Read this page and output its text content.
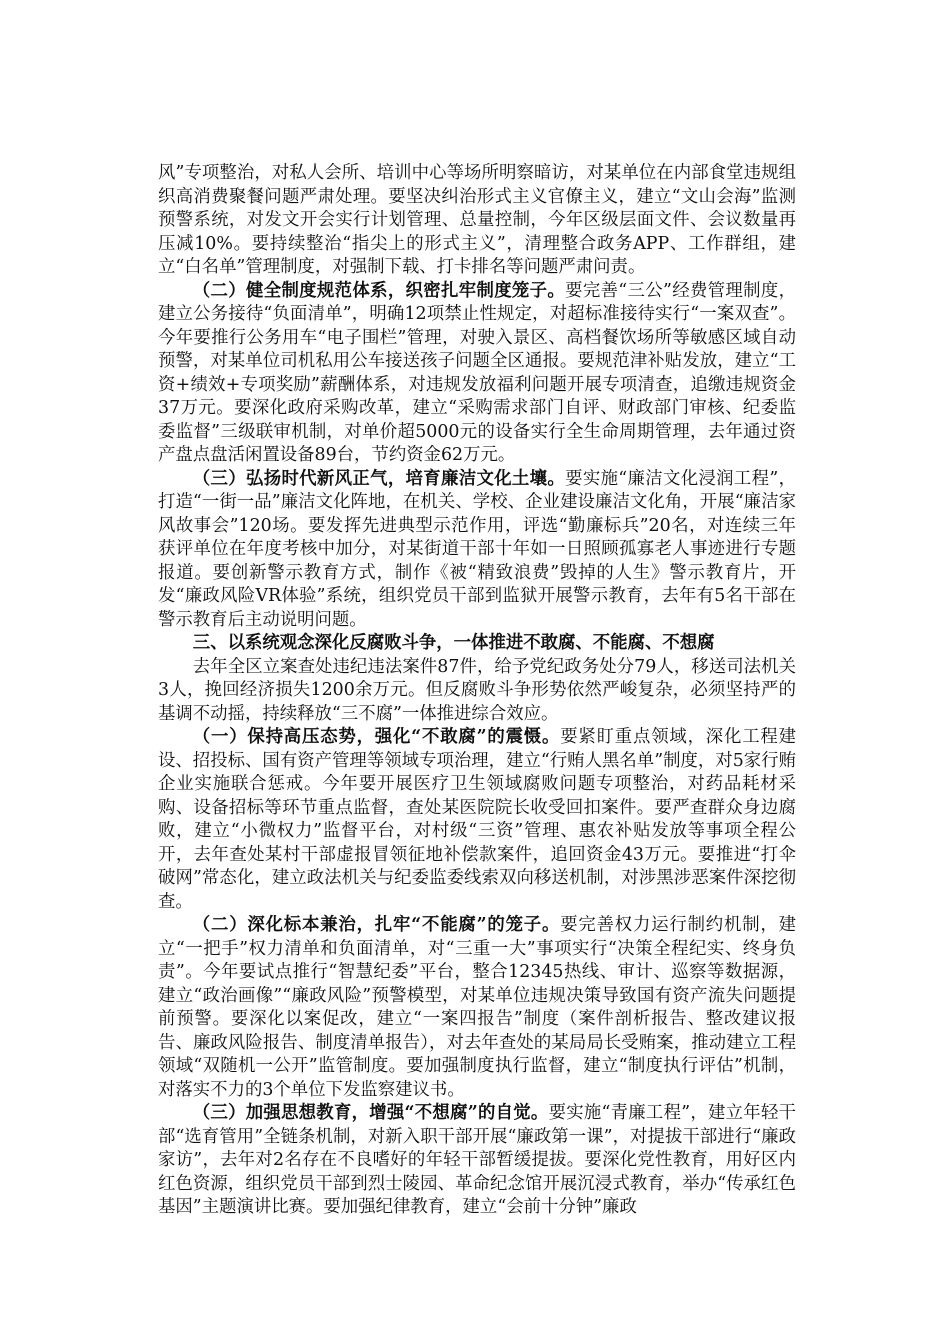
风”专项整治，对私人会所、培训中心等场所明察暗访，对某单位在内部食堂违规组织高消费聚餐问题严肃处理。要坚决纠治形式主义官僚主义，建立“文山会海”监测预警系统，对发文开会实行计划管理、总量控制，今年区级层面文件、会议数量再压减10%。要持续整治“指尖上的形式主义”，清理整合政务APP、工作群组，建立“白名单”管理制度，对强制下载、打卡排名等问题严肃问责。

（二）健全制度规范体系，织密扎牢制度笼子。要完善“三公”经费管理制度，建立公务接待“负面清单”，明确12项禁止性规定，对超标准接待实行“一案双查”。今年要推行公务用车“电子围栏”管理，对驶入景区、高档餐饮场所等敏感区域自动预警，对某单位司机私用公车接送孩子问题全区通报。要规范津补贴发放，建立“工资+绩效+专项奖励”薪酬体系，对违规发放福利问题开展专项清查，追缴违规资金37万元。要深化政府采购改革，建立“采购需求部门自评、财政部门审核、纪委监委监督”三级联审机制，对单价超5000元的设备实行全生命周期管理，去年通过资产盘点盘活闲置设备89台，节约资金62万元。

（三）弘扬时代新风正气，培育廉洁文化土壤。要实施“廉洁文化浸润工程”，打造“一街一品”廉洁文化阵地，在机关、学校、企业建设廉洁文化角，开展“廉洁家风故事会”120场。要发挥先进典型示范作用，评选“勤廉标兵”20名，对连续三年获评单位在年度考核中加分，对某街道干部十年如一日照顾孤寡老人事迹进行专题报道。要创新警示教育方式，制作《被“精致浪费”毁掉的人生》警示教育片，开发“廉政风险VR体验”系统，组织党员干部到监狱开展警示教育，去年有5名干部在警示教育后主动说明问题。

三、以系统观念深化反腐败斗争，一体推进不敢腐、不能腐、不想腐

去年全区立案查处违纪违法案件87件，给予党纪政务处分79人，移送司法机关3人，挽回经济损失1200余万元。但反腐败斗争形势依然严峻复杂，必须坚持严的基调不动摇，持续释放“三不腐”一体推进综合效应。

（一）保持高压态势，强化“不敢腐”的震慑。要紧盯重点领域，深化工程建设、招投标、国有资产管理等领域专项治理，建立“行贿人黑名单”制度，对5家行贿企业实施联合惩戒。今年要开展医疗卫生领域腐败问题专项整治，对药品耗材采购、设备招标等环节重点监督，查处某医院院长收受回扣案件。要严查群众身边腐败，建立“小微权力”监督平台，对村级“三资”管理、惠农补贴发放等事项全程公开，去年查处某村干部虚报冒领征地补偿款案件，追回资金43万元。要推进“打伞破网”常态化，建立政法机关与纪委监委线索双向移送机制，对涉黑涉恶案件深挖彻查。

（二）深化标本兼治，扎牢“不能腐”的笼子。要完善权力运行制约机制，建立“一把手”权力清单和负面清单，对“三重一大”事项实行“决策全程纪实、终身负责”。今年要试点推行“智慧纪委”平台，整合12345热线、审计、巡察等数据源，建立“政治画像”“廉政风险”预警模型，对某单位违规决策导致国有资产流失问题提前预警。要深化以案促改，建立“一案四报告”制度（案件剖析报告、整改建议报告、廉政风险报告、制度清单报告），对去年查处的某局局长受贿案，推动建立工程领域“双随机一公开”监管制度。要加强制度执行监督，建立“制度执行评估”机制，对落实不力的3个单位下发监察建议书。

（三）加强思想教育，增强“不想腐”的自觉。要实施“青廉工程”，建立年轻干部“选育管用”全链条机制，对新入职干部开展“廉政第一课”，对提拔干部进行“廉政家访”，去年对2名存在不良嗜好的年轻干部暂缓提拔。要深化党性教育，用好区内红色资源，组织党员干部到烈士陵园、革命纪念馆开展沉浸式教育，举办“传承红色基因”主题演讲比赛。要加强纪律教育，建立“会前十分钟”廉政
